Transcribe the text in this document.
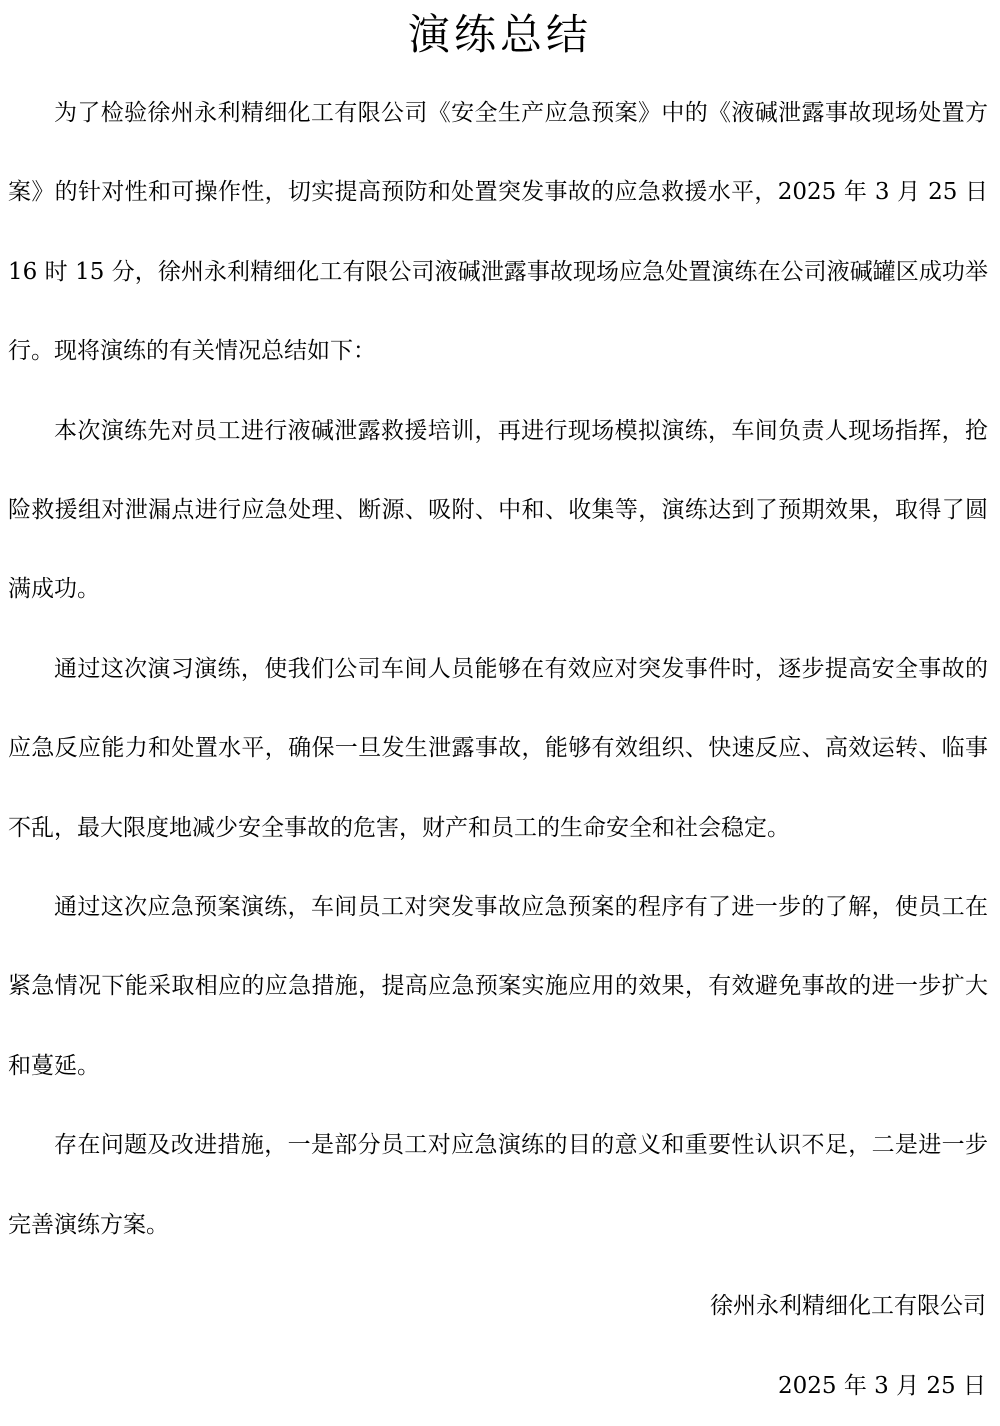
演练总结

为了检验徐州永利精细化工有限公司《安全生产应急预案》中的《液碱泄露事故现场处置方案》的针对性和可操作性，切实提高预防和处置突发事故的应急救援水平，2025 年 3 月 25 日 16 时 15 分，徐州永利精细化工有限公司液碱泄露事故现场应急处置演练在公司液碱罐区成功举行。现将演练的有关情况总结如下：

本次演练先对员工进行液碱泄露救援培训，再进行现场模拟演练，车间负责人现场指挥，抢险救援组对泄漏点进行应急处理、断源、吸附、中和、收集等，演练达到了预期效果，取得了圆满成功。

通过这次演习演练，使我们公司车间人员能够在有效应对突发事件时，逐步提高安全事故的应急反应能力和处置水平，确保一旦发生泄露事故，能够有效组织、快速反应、高效运转、临事不乱，最大限度地减少安全事故的危害，财产和员工的生命安全和社会稳定。

通过这次应急预案演练，车间员工对突发事故应急预案的程序有了进一步的了解，使员工在紧急情况下能采取相应的应急措施，提高应急预案实施应用的效果，有效避免事故的进一步扩大和蔓延。

存在问题及改进措施，一是部分员工对应急演练的目的意义和重要性认识不足，二是进一步完善演练方案。

徐州永利精细化工有限公司
2025 年 3 月 25 日
